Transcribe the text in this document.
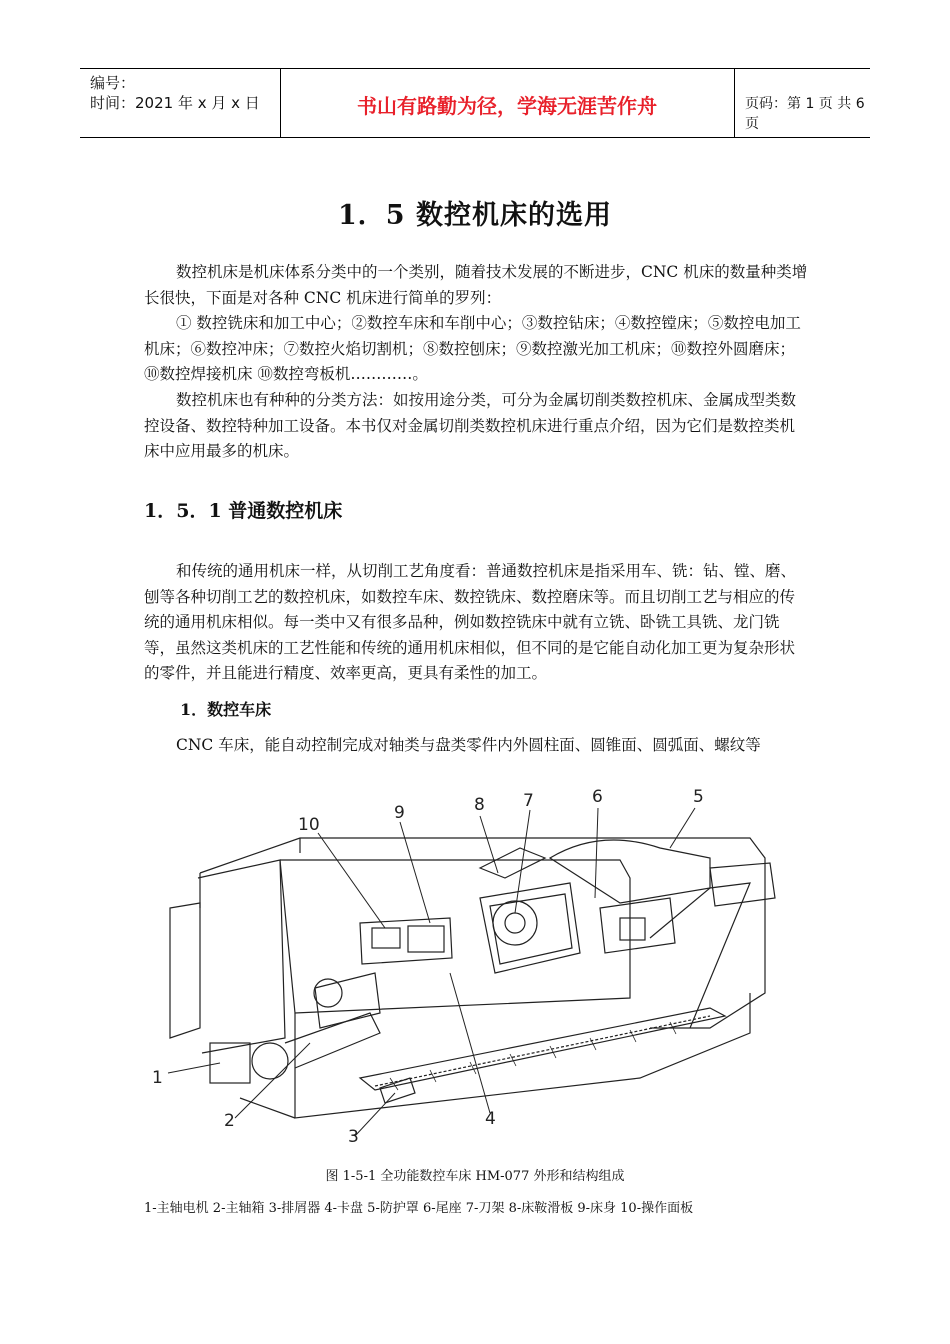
编号：
时间：2021 年 x 月 x 日	书山有路勤为径，学海无涯苦作舟	页码：第 1 页 共 6 页
1．5 数控机床的选用

数控机床是机床体系分类中的一个类别，随着技术发展的不断进步，CNC 机床的数量种类增长很快，下面是对各种 CNC 机床进行简单的罗列：

① 数控铣床和加工中心；②数控车床和车削中心；③数控钻床；④数控镗床；⑤数控电加工机床；⑥数控冲床；⑦数控火焰切割机；⑧数控刨床；⑨数控激光加工机床；⑩数控外圆磨床；⑩数控焊接机床 ⑩数控弯板机…………。

数控机床也有种种的分类方法：如按用途分类，可分为金属切削类数控机床、金属成型类数控设备、数控特种加工设备。本书仅对金属切削类数控机床进行重点介绍，因为它们是数控类机床中应用最多的机床。

1．5．1 普通数控机床

和传统的通用机床一样，从切削工艺角度看：普通数控机床是指采用车、铣：钻、镗、磨、刨等各种切削工艺的数控机床，如数控车床、数控铣床、数控磨床等。而且切削工艺与相应的传统的通用机床相似。每一类中又有很多品种，例如数控铣床中就有立铣、卧铣工具铣、龙门铣等，虽然这类机床的工艺性能和传统的通用机床相似，但不同的是它能自动化加工更为复杂形状的零件，并且能进行精度、效率更高，更具有柔性的加工。

1．数控车床

CNC 车床，能自动控制完成对轴类与盘类零件内外圆柱面、圆锥面、圆弧面、螺纹等

1
2
3
4
5
6
7
8
9
10
图 1-5-1 全功能数控车床 HM-077 外形和结构组成
1-主轴电机 2-主轴箱 3-排屑器 4-卡盘 5-防护罩 6-尾座 7-刀架 8-床鞍滑板 9-床身 10-操作面板
